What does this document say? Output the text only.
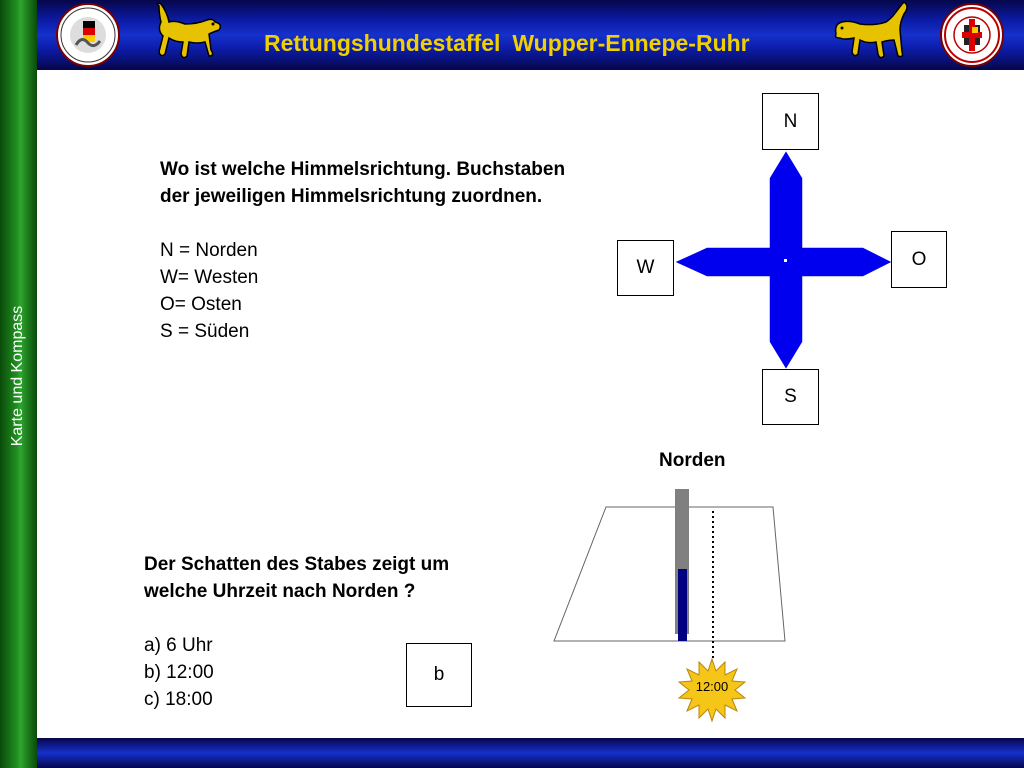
Karte und Kompass
Rettungshundestaffel Wupper-Ennepe-Ruhr
Wo ist welche Himmelsrichtung. Buchstaben
der jeweiligen Himmelsrichtung zuordnen.
N = Norden
W= Westen
O= Osten
S = Süden
N
W	O
S
Norden
12:00
Der Schatten des Stabes zeigt um
welche Uhrzeit nach Norden ?
a) 6 Uhr
b) 12:00
c) 18:00
b
